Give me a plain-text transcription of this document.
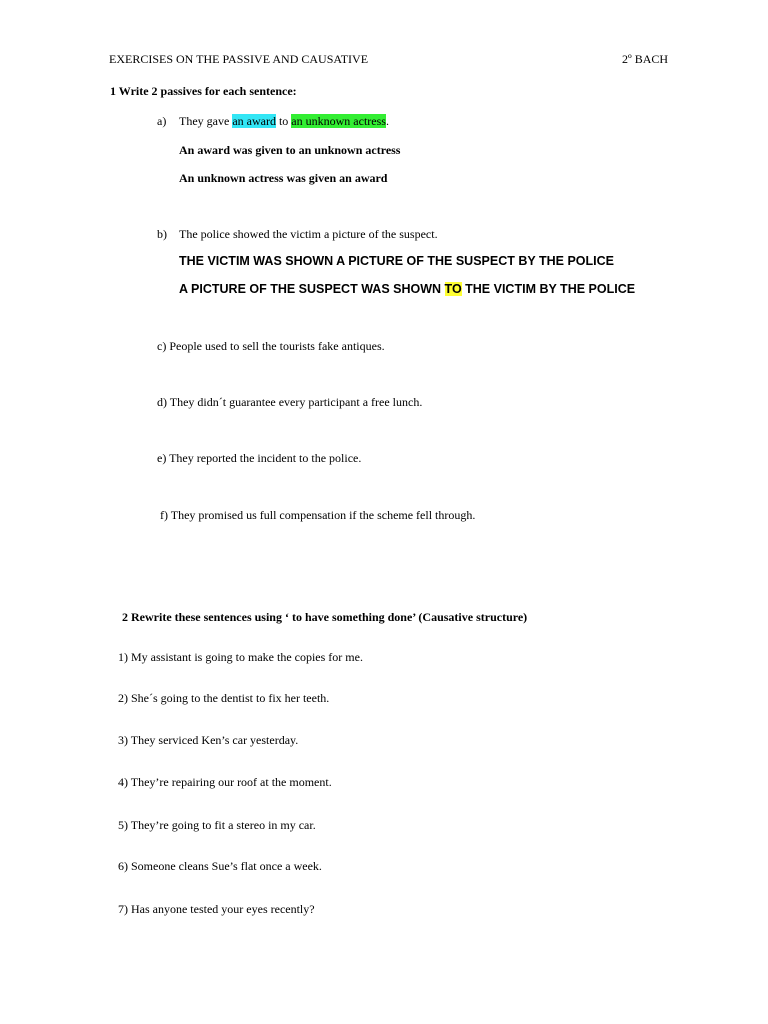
EXERCISES ON THE PASSIVE AND CAUSATIVE	2º BACH
1 Write 2 passives for each sentence:
a) They gave an award to an unknown actress.
An award was given to an unknown actress
An unknown actress was given an award
b) The police showed the victim a picture of the suspect.
THE VICTIM WAS SHOWN A PICTURE OF THE SUSPECT BY THE POLICE
A PICTURE OF THE SUSPECT WAS SHOWN TO THE VICTIM BY THE POLICE
c) People used to sell the tourists fake antiques.
d) They didn´t guarantee every participant a free lunch.
e) They reported the incident to the police.
f) They promised us full compensation if the scheme fell through.
2 Rewrite these sentences using ‘ to have something done’ (Causative structure)
1) My assistant is going to make the copies for me.
2) She´s going to the dentist to fix her teeth.
3) They serviced Ken’s car yesterday.
4) They’re repairing our roof at the moment.
5) They’re going to fit a stereo in my car.
6) Someone cleans Sue’s flat once a week.
7) Has anyone tested your eyes recently?
